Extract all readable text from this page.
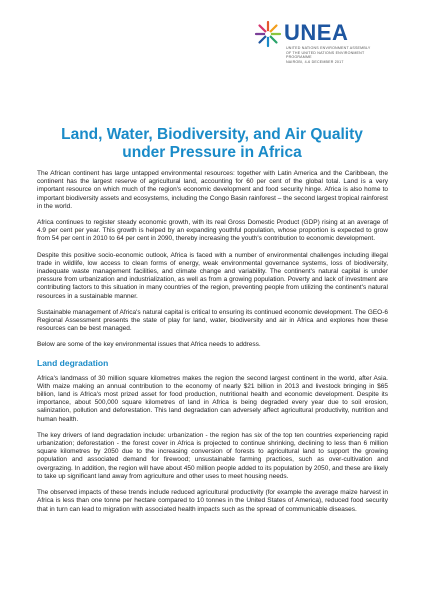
UNEA
UNITED NATIONS ENVIRONMENT ASSEMBLY
OF THE UNITED NATIONS ENVIRONMENT PROGRAMME
NAIROBI, 4-6 DECEMBER 2017
Land, Water, Biodiversity, and Air Quality under Pressure in Africa

The African continent has large untapped environmental resources: together with Latin America and the Caribbean, the continent has the largest reserve of agricultural land, accounting for 60 per cent of the global total. Land is a very important resource on which much of the region's economic development and food security hinge. Africa is also home to important biodiversity assets and ecosystems, including the Congo Basin rainforest – the second largest tropical rainforest in the world.

Africa continues to register steady economic growth, with its real Gross Domestic Product (GDP) rising at an average of 4.9 per cent per year. This growth is helped by an expanding youthful population, whose proportion is expected to grow from 54 per cent in 2010 to 64 per cent in 2090, thereby increasing the youth's contribution to economic development.

Despite this positive socio-economic outlook, Africa is faced with a number of environmental challenges including illegal trade in wildlife, low access to clean forms of energy, weak environmental governance systems, loss of biodiversity, inadequate waste management facilities, and climate change and variability. The continent's natural capital is under pressure from urbanization and industrialization, as well as from a growing population. Poverty and lack of investment are contributing factors to this situation in many countries of the region, preventing people from utilizing the continent's natural resources in a sustainable manner.

Sustainable management of Africa's natural capital is critical to ensuring its continued economic development. The GEO-6 Regional Assessment presents the state of play for land, water, biodiversity and air in Africa and explores how these resources can be best managed.

Below are some of the key environmental issues that Africa needs to address.

Land degradation

Africa's landmass of 30 million square kilometres makes the region the second largest continent in the world, after Asia. With maize making an annual contribution to the economy of nearly $21 billion in 2013 and livestock bringing in $65 billion, land is Africa's most prized asset for food production, nutritional health and economic development. Despite its importance, about 500,000 square kilometres of land in Africa is being degraded every year due to soil erosion, salinization, pollution and deforestation. This land degradation can adversely affect agricultural productivity, nutrition and human health.

The key drivers of land degradation include: urbanization - the region has six of the top ten countries experiencing rapid urbanization; deforestation - the forest cover in Africa is projected to continue shrinking, declining to less than 6 million square kilometres by 2050 due to the increasing conversion of forests to agricultural land to support the growing population and associated demand for firewood; unsustainable farming practices, such as over-cultivation and overgrazing. In addition, the region will have about 450 million people added to its population by 2050, and these are likely to take up significant land away from agriculture and other uses to meet housing needs.

The observed impacts of these trends include reduced agricultural productivity (for example the average maize harvest in Africa is less than one tonne per hectare compared to 10 tonnes in the United States of America), reduced food security that in turn can lead to migration with associated health impacts such as the spread of communicable diseases.
